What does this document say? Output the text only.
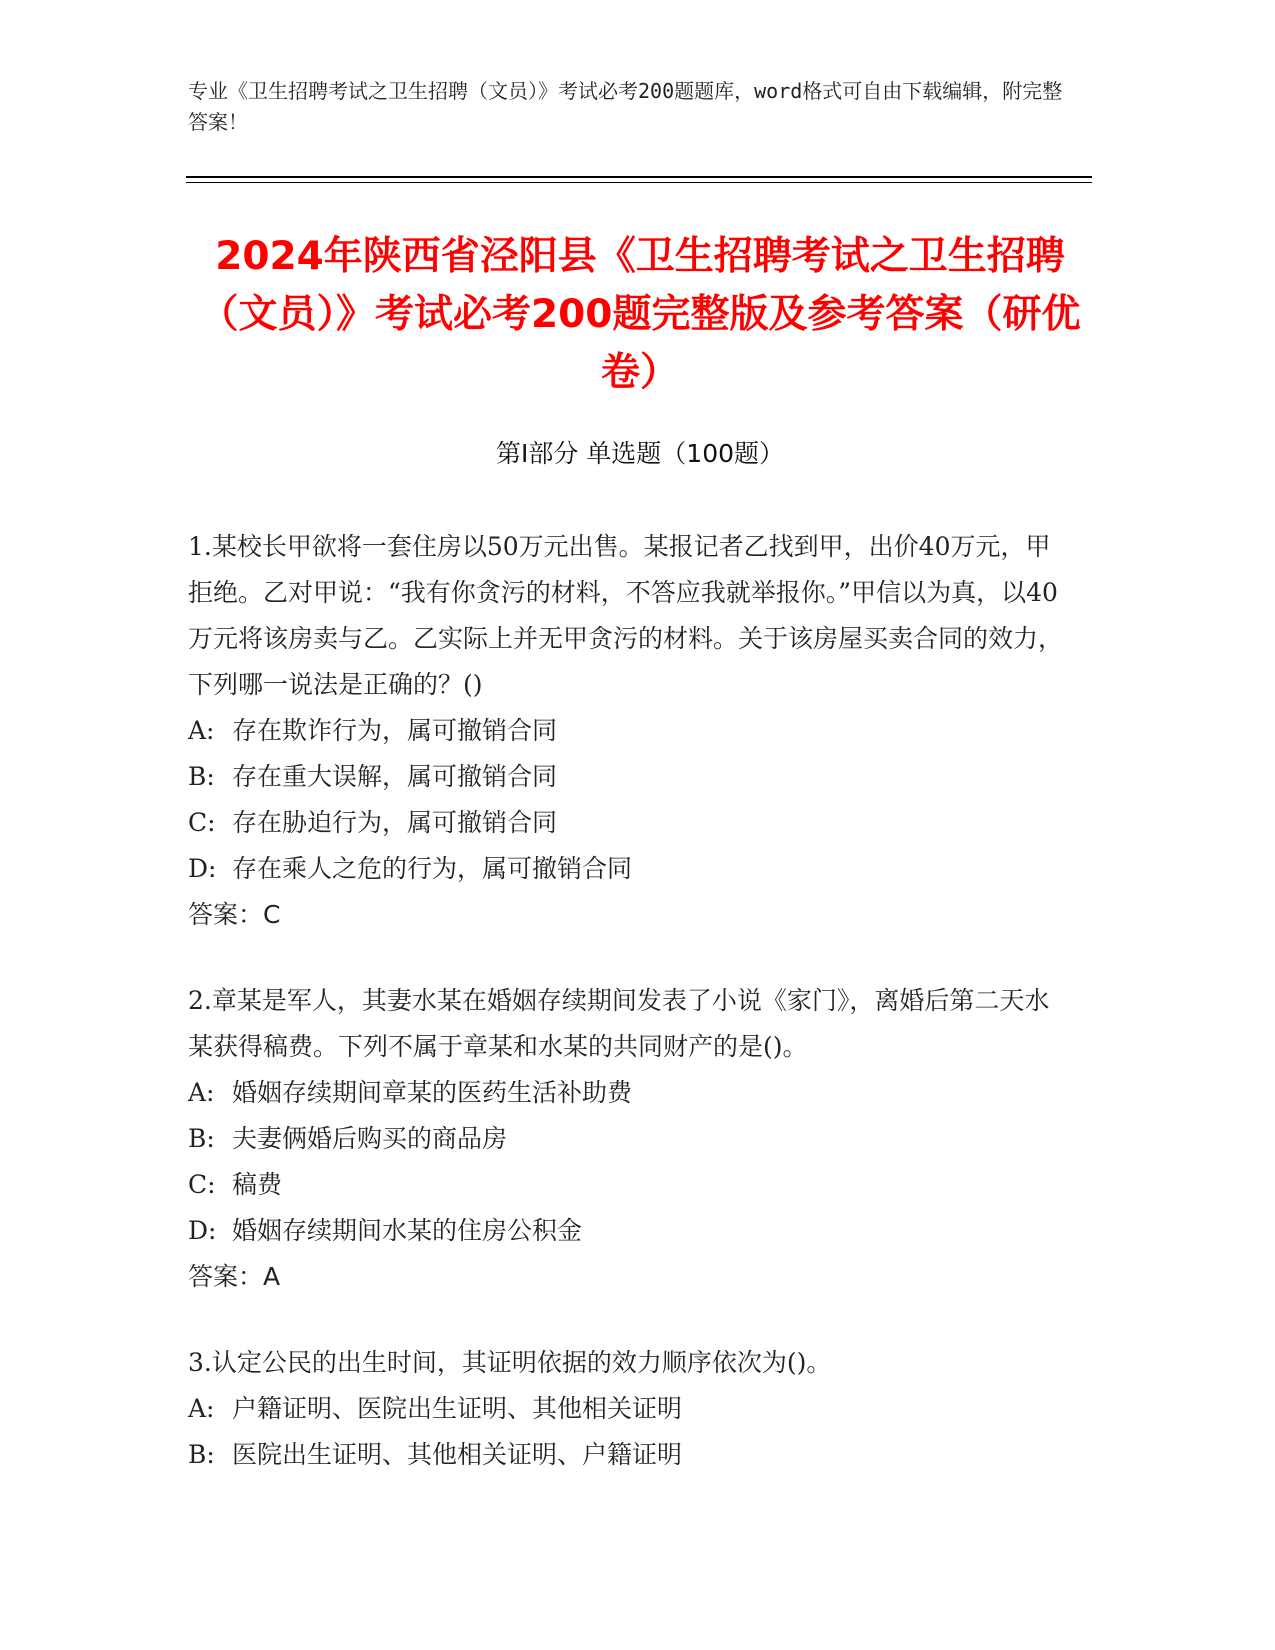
专业《卫生招聘考试之卫生招聘（文员）》考试必考200题题库，word格式可自由下载编辑，附完整答案！
2024年陕西省泾阳县《卫生招聘考试之卫生招聘（文员）》考试必考200题完整版及参考答案（研优卷）
第Ⅰ部分 单选题（100题）

1.某校长甲欲将一套住房以50万元出售。某报记者乙找到甲，出价40万元，甲拒绝。乙对甲说：“我有你贪污的材料，不答应我就举报你。”甲信以为真，以40万元将该房卖与乙。乙实际上并无甲贪污的材料。关于该房屋买卖合同的效力，下列哪一说法是正确的？()

A: 存在欺诈行为，属可撤销合同

B: 存在重大误解，属可撤销合同

C: 存在胁迫行为，属可撤销合同

D: 存在乘人之危的行为，属可撤销合同

答案：C

2.章某是军人，其妻水某在婚姻存续期间发表了小说《家门》，离婚后第二天水某获得稿费。下列不属于章某和水某的共同财产的是()。

A: 婚姻存续期间章某的医药生活补助费

B: 夫妻俩婚后购买的商品房

C: 稿费

D: 婚姻存续期间水某的住房公积金

答案：A

3.认定公民的出生时间，其证明依据的效力顺序依次为()。

A: 户籍证明、医院出生证明、其他相关证明

B: 医院出生证明、其他相关证明、户籍证明
